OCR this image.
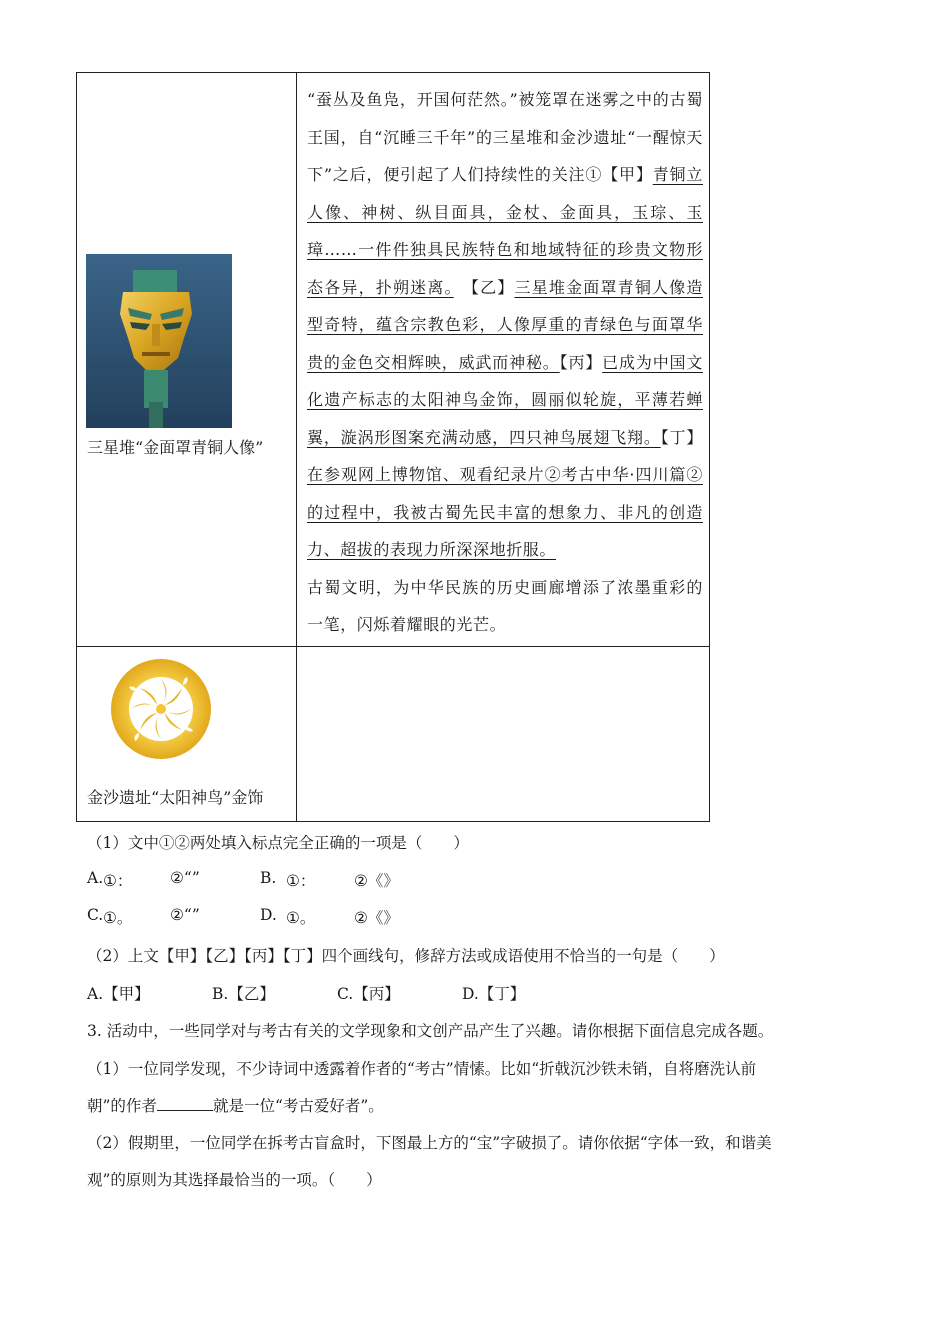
三星堆“金面罩青铜人像”
“蚕丛及鱼凫，开国何茫然。”被笼罩在迷雾之中的古蜀王国，自“沉睡三千年”的三星堆和金沙遗址“一醒惊天下”之后，便引起了人们持续性的关注①【甲】青铜立人像、神树、纵目面具，金杖、金面具，玉琮、玉璋……一件件独具民族特色和地域特征的珍贵文物形态各异，扑朔迷离。　 【乙】三星堆金面罩青铜人像造型奇特，蕴含宗教色彩，人像厚重的青绿色与面罩华贵的金色交相辉映，威武而神秘。【丙】已成为中国文化遗产标志的太阳神鸟金饰，圆丽似轮旋，平薄若蝉翼，漩涡形图案充满动感，四只神鸟展翅飞翔。【丁】在参观网上博物馆、观看纪录片②考古中华·四川篇②的过程中，我被古蜀先民丰富的想象力、非凡的创造力、超拔的表现力所深深地折服。
古蜀文明，为中华民族的历史画廊增添了浓墨重彩的一笔，闪烁着耀眼的光芒。
金沙遗址“太阳神鸟”金饰
（1）文中①②两处填入标点完全正确的一项是（　　）
A. ①： ②“”	B. ①： ②《》
C. ①。 ②“”	D. ①。 ②《》
（2）上文【甲】【乙】【丙】【丁】四个画线句，修辞方法或成语使用不恰当的一句是（　　）
A.【甲】	B.【乙】	C.【丙】	D.【丁】
3. 活动中，一些同学对与考古有关的文学现象和文创产品产生了兴趣。请你根据下面信息完成各题。
（1）一位同学发现，不少诗词中透露着作者的“考古”情愫。比如“折戟沉沙铁未销，自将磨洗认前
朝”的作者	就是一位“考古爱好者”。
（2）假期里，一位同学在拆考古盲盒时，下图最上方的“宝”字破损了。请你依据“字体一致，和谐美
观”的原则为其选择最恰当的一项。（　　）
